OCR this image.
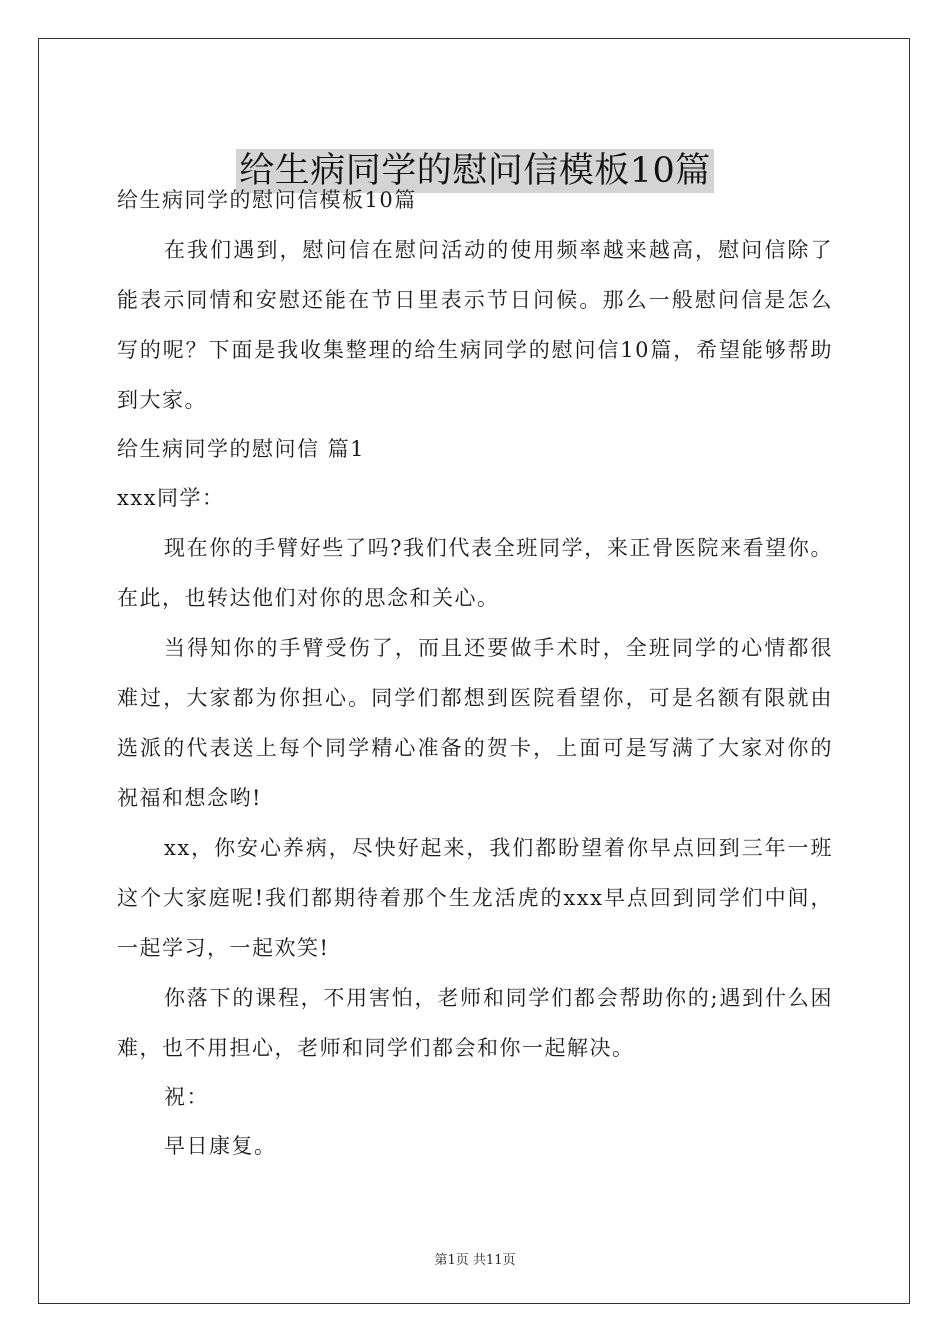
给生病同学的慰问信模板10篇

给生病同学的慰问信模板10篇

在我们遇到，慰问信在慰问活动的使用频率越来越高，慰问信除了能表示同情和安慰还能在节日里表示节日问候。那么一般慰问信是怎么写的呢？下面是我收集整理的给生病同学的慰问信10篇，希望能够帮助到大家。

给生病同学的慰问信 篇1

xxx同学：

现在你的手臂好些了吗?我们代表全班同学，来正骨医院来看望你。在此，也转达他们对你的思念和关心。

当得知你的手臂受伤了，而且还要做手术时，全班同学的心情都很难过，大家都为你担心。同学们都想到医院看望你，可是名额有限就由选派的代表送上每个同学精心准备的贺卡，上面可是写满了大家对你的祝福和想念哟!

xx，你安心养病，尽快好起来，我们都盼望着你早点回到三年一班这个大家庭呢!我们都期待着那个生龙活虎的xxx早点回到同学们中间，一起学习，一起欢笑!

你落下的课程，不用害怕，老师和同学们都会帮助你的;遇到什么困难，也不用担心，老师和同学们都会和你一起解决。

祝：

早日康复。

第1页 共11页
